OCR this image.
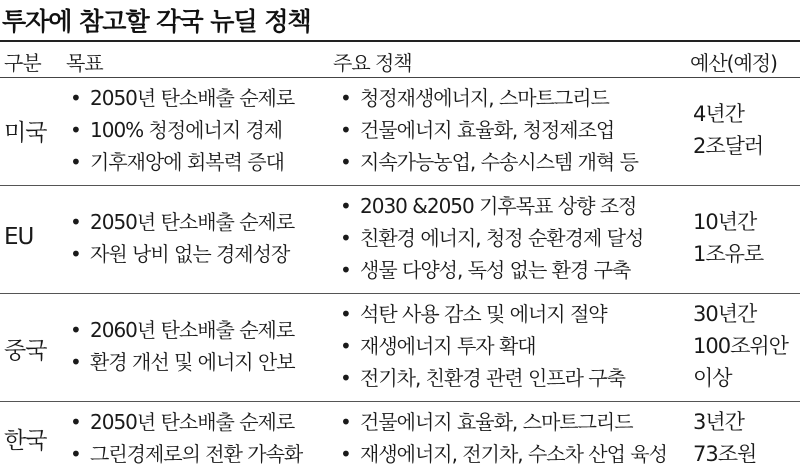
투자에 참고할 각국 뉴딜 정책
구분 목표	주요 정책	예산(예정)
미국
• 2050년 탄소배출 순제로
• 100% 청정에너지 경제
• 기후재앙에 회복력 증대
• 청정재생에너지, 스마트그리드
• 건물에너지 효율화, 청정제조업
• 지속가능농업, 수송시스템 개혁 등
4년간
2조달러
EU
• 2050년 탄소배출 순제로
• 자원 낭비 없는 경제성장
• 2030 &2050 기후목표 상향 조정
• 친환경 에너지, 청정 순환경제 달성
• 생물 다양성, 독성 없는 환경 구축
10년간
1조유로
중국
• 2060년 탄소배출 순제로
• 환경 개선 및 에너지 안보
• 석탄 사용 감소 및 에너지 절약
• 재생에너지 투자 확대
• 전기차, 친환경 관련 인프라 구축
30년간
100조위안
이상
한국
• 2050년 탄소배출 순제로
• 그린경제로의 전환 가속화
• 건물에너지 효율화, 스마트그리드
• 재생에너지, 전기차, 수소차 산업 육성
3년간
73조원
